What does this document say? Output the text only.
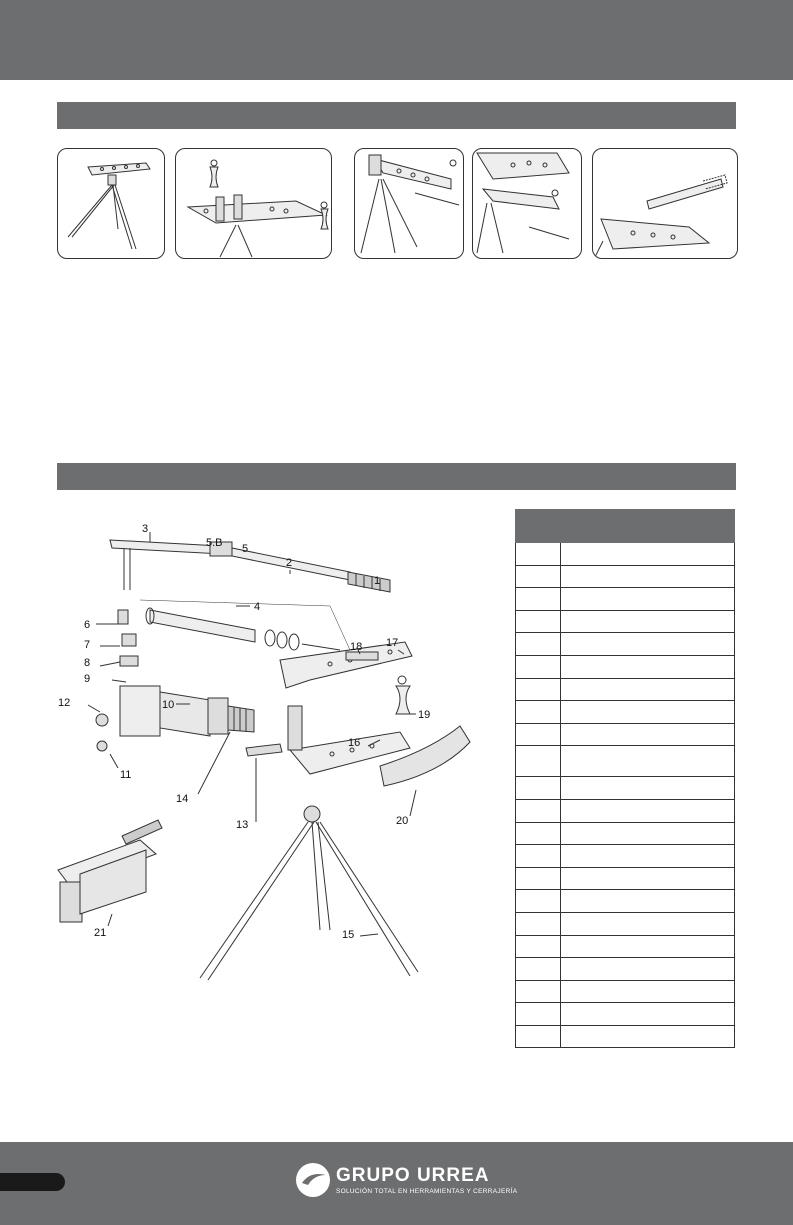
1
2
3
4
5
5.B
6
7
8
9
10
11
12
13
14
15
16
17
18
19
20
21

GRUPO URREA
SOLUCIÓN TOTAL EN HERRAMIENTAS Y CERRAJERÍA
